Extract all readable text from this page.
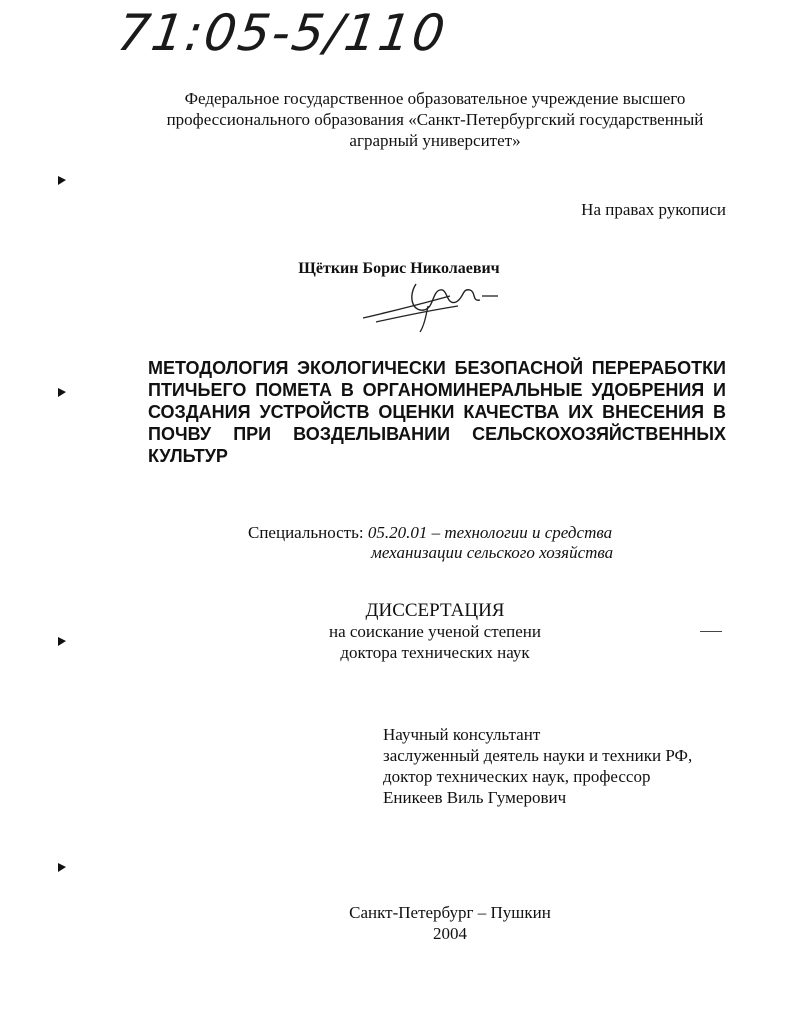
71:05-5/110
Федеральное государственное образовательное учреждение высшего
профессионального образования «Санкт-Петербургский государственный
аграрный университет»
На правах рукописи
Щёткин Борис Николаевич
МЕТОДОЛОГИЯ ЭКОЛОГИЧЕСКИ БЕЗОПАСНОЙ ПЕРЕРАБОТКИ
ПТИЧЬЕГО ПОМЕТА В ОРГАНОМИНЕРАЛЬНЫЕ УДОБРЕНИЯ И
СОЗДАНИЯ УСТРОЙСТВ ОЦЕНКИ КАЧЕСТВА ИХ ВНЕСЕНИЯ В
ПОЧВУ ПРИ ВОЗДЕЛЫВАНИИ СЕЛЬСКОХОЗЯЙСТВЕННЫХ
КУЛЬТУР
Специальность: 05.20.01 – технологии и средства
механизации сельского хозяйства
ДИССЕРТАЦИЯ
на соискание ученой степени
доктора технических наук
Научный консультант
заслуженный деятель науки и техники РФ,
доктор технических наук, профессор
Еникеев Виль Гумерович
Санкт-Петербург – Пушкин
2004
